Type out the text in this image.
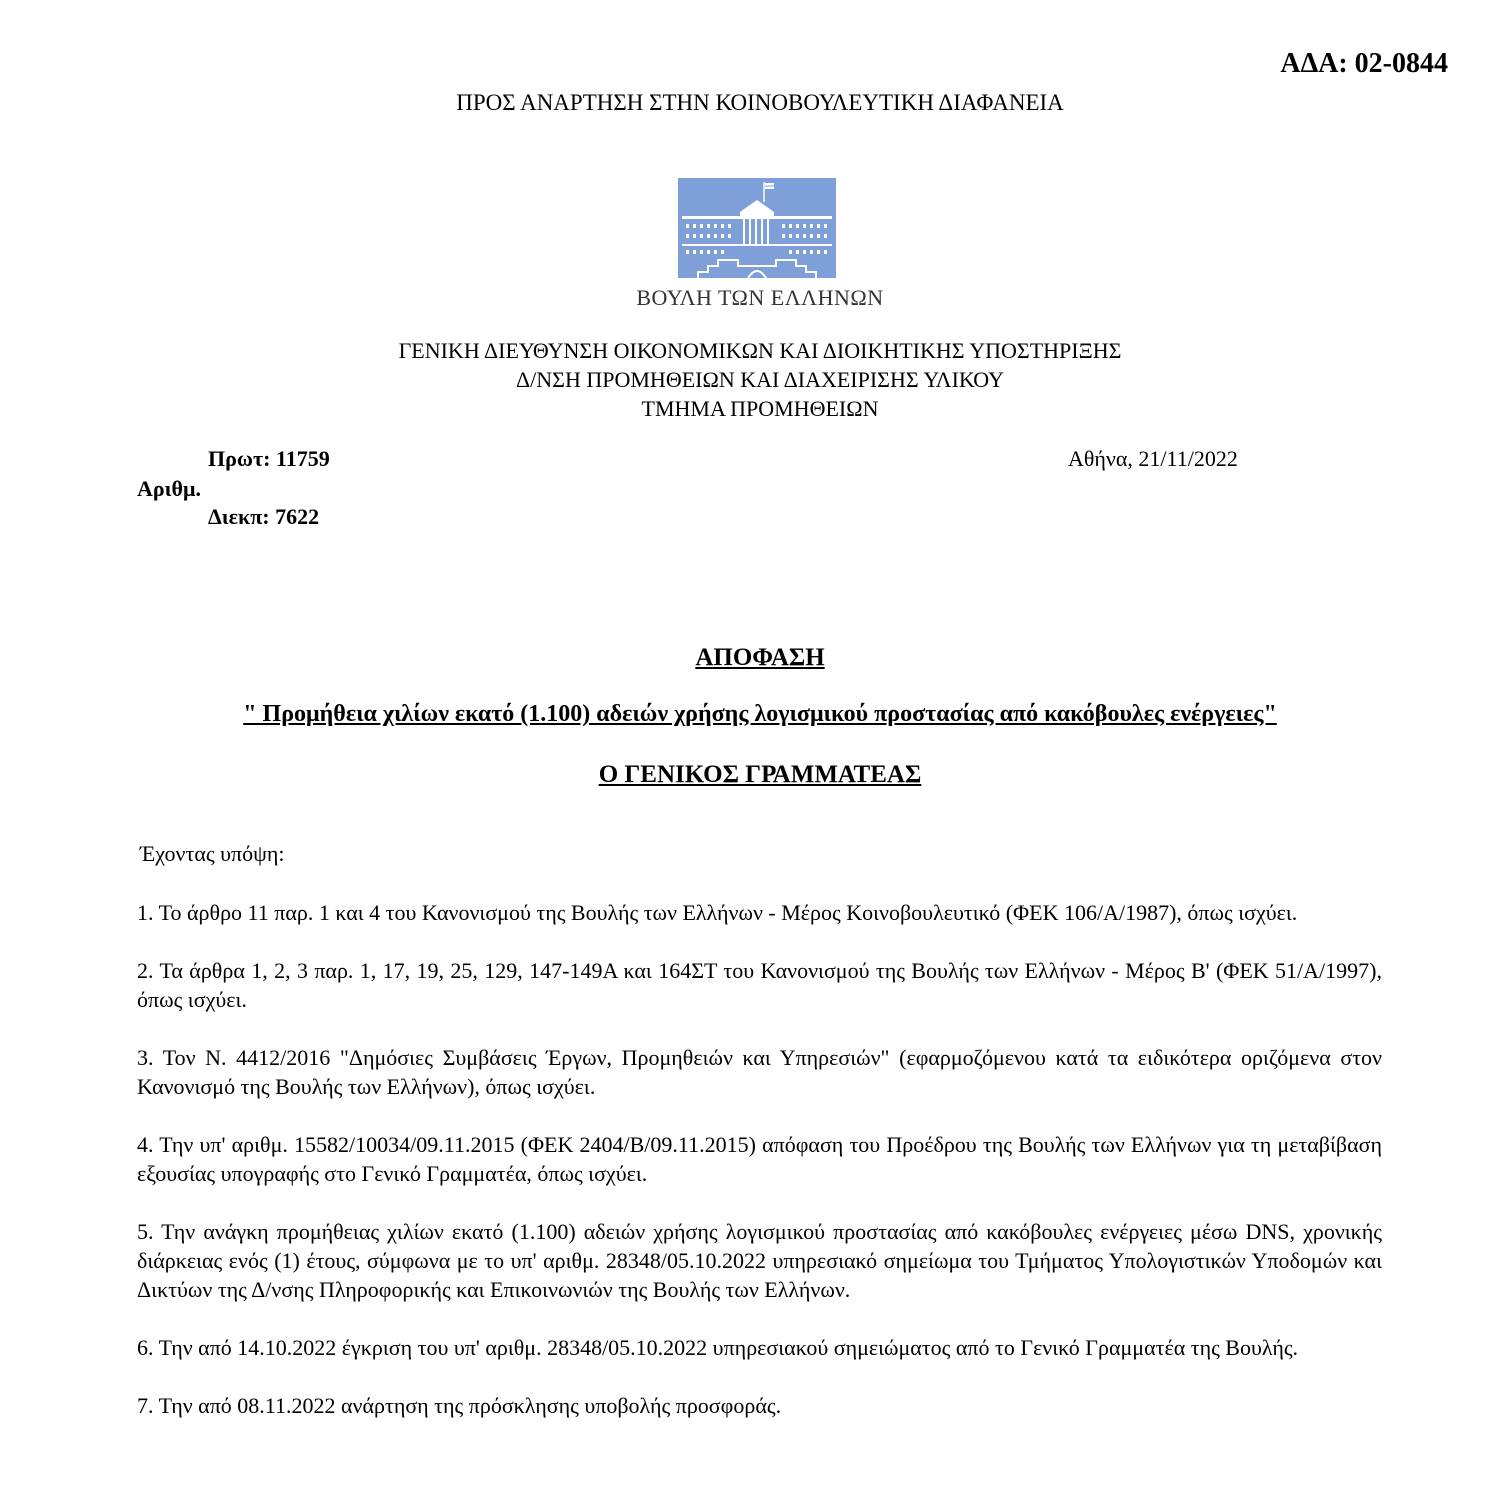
ΑΔΑ: 02-0844
ΠΡΟΣ ΑΝΑΡΤΗΣΗ ΣΤΗΝ ΚΟΙΝΟΒΟΥΛΕΥΤΙΚΗ ΔΙΑΦΑΝΕΙΑ
ΒΟΥΛΗ ΤΩΝ ΕΛΛΗΝΩΝ
ΓΕΝΙΚΗ ΔΙΕΥΘΥΝΣΗ ΟΙΚΟΝΟΜΙΚΩΝ ΚΑΙ ΔΙΟΙΚΗΤΙΚΗΣ ΥΠΟΣΤΗΡΙΞΗΣ
Δ/ΝΣΗ ΠΡΟΜΗΘΕΙΩΝ ΚΑΙ ΔΙΑΧΕΙΡΙΣΗΣ ΥΛΙΚΟΥ
ΤΜΗΜΑ ΠΡΟΜΗΘΕΙΩΝ
Πρωτ: 11759
Αριθμ.
Διεκπ: 7622
Αθήνα, 21/11/2022
ΑΠΟΦΑΣΗ
" Προμήθεια χιλίων εκατό (1.100) αδειών χρήσης λογισμικού προστασίας από κακόβουλες ενέργειες"
Ο ΓΕΝΙΚΟΣ ΓΡΑΜΜΑΤΕΑΣ
Έχοντας υπόψη:

1. Το άρθρο 11 παρ. 1 και 4 του Κανονισμού της Βουλής των Ελλήνων - Μέρος Κοινοβουλευτικό (ΦΕΚ 106/Α/1987), όπως ισχύει.

2. Τα άρθρα 1, 2, 3 παρ. 1, 17, 19, 25, 129, 147-149Α και 164ΣΤ του Κανονισμού της Βουλής των Ελλήνων - Μέρος Β' (ΦΕΚ 51/Α/1997), όπως ισχύει.

3. Τον Ν. 4412/2016 "Δημόσιες Συμβάσεις Έργων, Προμηθειών και Υπηρεσιών" (εφαρμοζόμενου κατά τα ειδικότερα οριζόμενα στον Κανονισμό της Βουλής των Ελλήνων), όπως ισχύει.

4. Την υπ' αριθμ. 15582/10034/09.11.2015 (ΦΕΚ 2404/Β/09.11.2015) απόφαση του Προέδρου της Βουλής των Ελλήνων για τη μεταβίβαση εξουσίας υπογραφής στο Γενικό Γραμματέα, όπως ισχύει.

5. Την ανάγκη προμήθειας χιλίων εκατό (1.100) αδειών χρήσης λογισμικού προστασίας από κακόβουλες ενέργειες μέσω DNS, χρονικής διάρκειας ενός (1) έτους, σύμφωνα με το υπ' αριθμ. 28348/05.10.2022 υπηρεσιακό σημείωμα του Τμήματος Υπολογιστικών Υποδομών και Δικτύων της Δ/νσης Πληροφορικής και Επικοινωνιών της Βουλής των Ελλήνων.

6. Την από 14.10.2022 έγκριση του υπ' αριθμ. 28348/05.10.2022 υπηρεσιακού σημειώματος από το Γενικό Γραμματέα της Βουλής.

7. Την από 08.11.2022 ανάρτηση της πρόσκλησης υποβολής προσφοράς.
